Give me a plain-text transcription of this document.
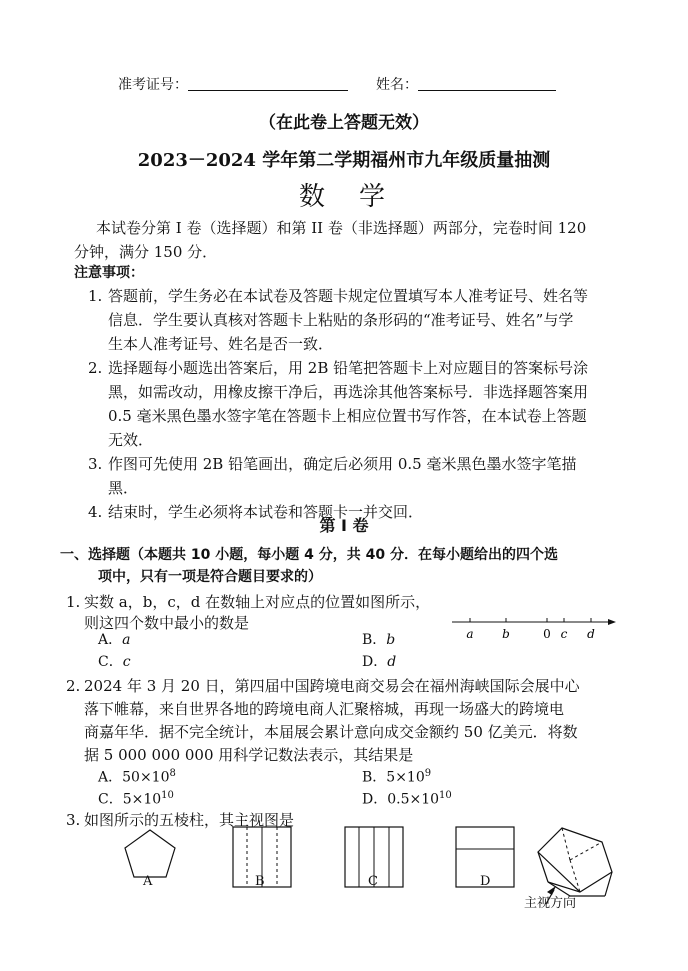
准考证号：	姓名：
（在此卷上答题无效）
2023－2024 学年第二学期福州市九年级质量抽测
数　学
本试卷分第 I 卷（选择题）和第 II 卷（非选择题）两部分，完卷时间 120
分钟，满分 150 分．
注意事项：
1. 答题前，学生务必在本试卷及答题卡规定位置填写本人准考证号、姓名等
信息．学生要认真核对答题卡上粘贴的条形码的“准考证号、姓名”与学
生本人准考证号、姓名是否一致．
2. 选择题每小题选出答案后，用 2B 铅笔把答题卡上对应题目的答案标号涂
黑，如需改动，用橡皮擦干净后，再选涂其他答案标号．非选择题答案用
0.5 毫米黑色墨水签字笔在答题卡上相应位置书写作答，在本试卷上答题
无效．
3. 作图可先使用 2B 铅笔画出，确定后必须用 0.5 毫米黑色墨水签字笔描
黑．
4. 结束时，学生必须将本试卷和答题卡一并交回．
第 I 卷
一、选择题（本题共 10 小题，每小题 4 分，共 40 分．在每小题给出的四个选
项中，只有一项是符合题目要求的）
1. 实数 a，b，c，d 在数轴上对应点的位置如图所示，
则这四个数中最小的数是
A．a	B．b
C．c	D．d
a b	0 c d
2. 2024 年 3 月 20 日，第四届中国跨境电商交易会在福州海峡国际会展中心
落下帷幕，来自世界各地的跨境电商人汇聚榕城，再现一场盛大的跨境电
商嘉年华．据不完全统计，本届展会累计意向成交金额约 50 亿美元．将数
据 5 000 000 000 用科学记数法表示，其结果是
A．$50\times 10^8$	B．$5\times 10^9$
C．$5\times 10^{10}$	D．$0.5\times 10^{10}$
3. 如图所示的五棱柱，其主视图是
A	B	C	D
主视方向
